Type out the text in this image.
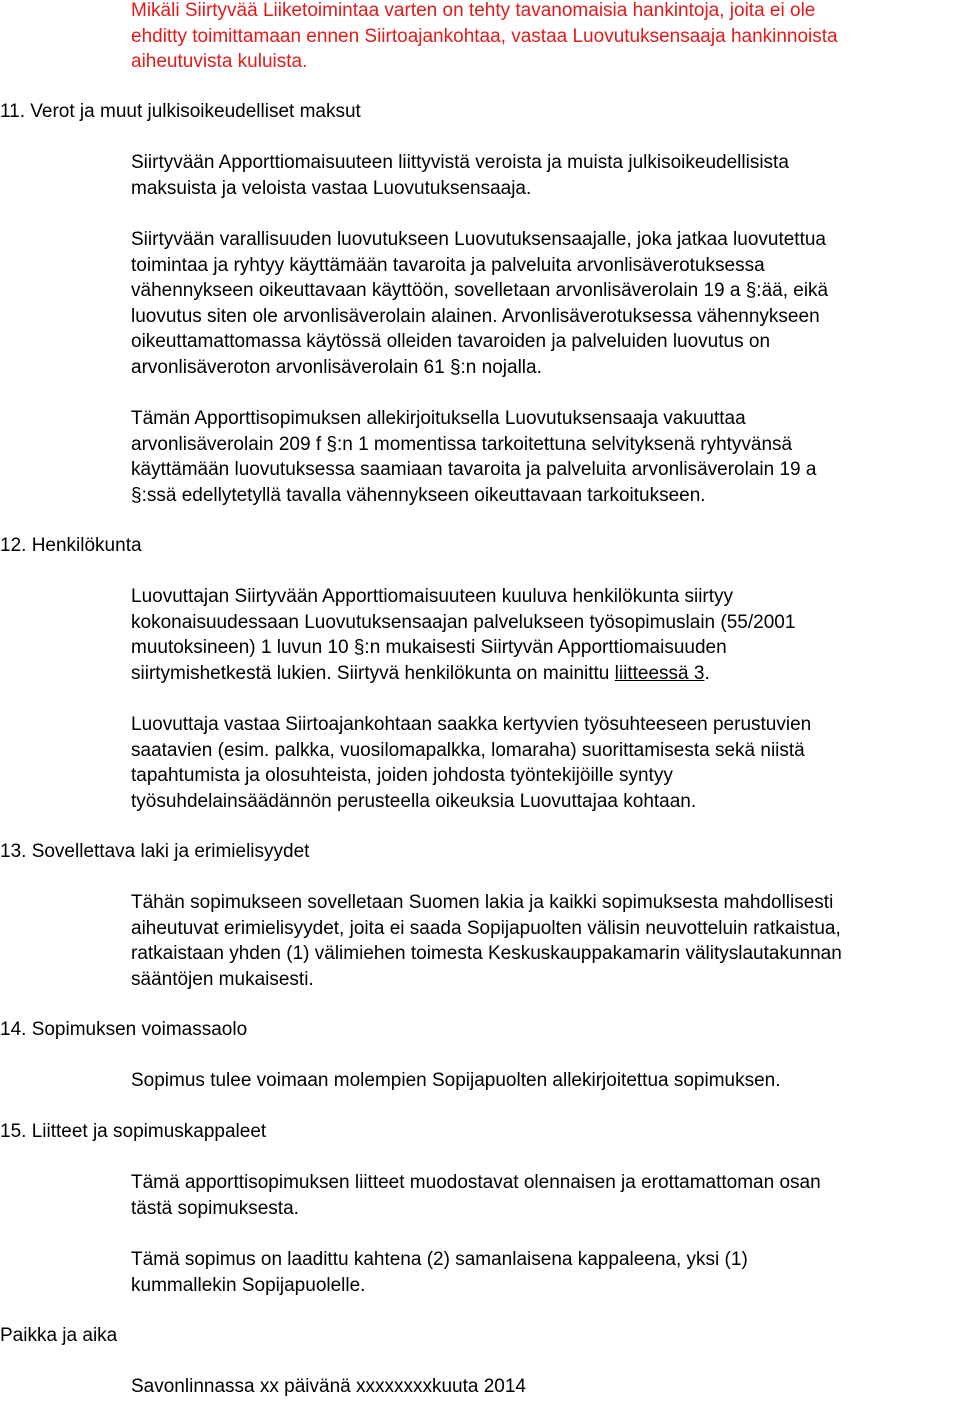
Mikäli Siirtyvää Liiketoimintaa varten on tehty tavanomaisia hankintoja, joita ei ole
ehditty toimittamaan ennen Siirtoajankohtaa, vastaa Luovutuksensaaja hankinnoista
aiheutuvista kuluista.
11. Verot ja muut julkisoikeudelliset maksut
Siirtyvään Apporttiomaisuuteen liittyvistä veroista ja muista julkisoikeudellisista
maksuista ja veloista vastaa Luovutuksensaaja.
Siirtyvään varallisuuden luovutukseen Luovutuksensaajalle, joka jatkaa luovutettua
toimintaa ja ryhtyy käyttämään tavaroita ja palveluita arvonlisäverotuksessa
vähennykseen oikeuttavaan käyttöön, sovelletaan arvonlisäverolain 19 a §:ää, eikä
luovutus siten ole arvonlisäverolain alainen. Arvonlisäverotuksessa vähennykseen
oikeuttamattomassa käytössä olleiden tavaroiden ja palveluiden luovutus on
arvonlisäveroton arvonlisäverolain 61 §:n nojalla.
Tämän Apporttisopimuksen allekirjoituksella Luovutuksensaaja vakuuttaa
arvonlisäverolain 209 f §:n 1 momentissa tarkoitettuna selvityksenä ryhtyvänsä
käyttämään luovutuksessa saamiaan tavaroita ja palveluita arvonlisäverolain 19 a
§:ssä edellytetyllä tavalla vähennykseen oikeuttavaan tarkoitukseen.
12. Henkilökunta
Luovuttajan Siirtyvään Apporttiomaisuuteen kuuluva henkilökunta siirtyy
kokonaisuudessaan Luovutuksensaajan palvelukseen työsopimuslain (55/2001
muutoksineen) 1 luvun 10 §:n mukaisesti Siirtyvän Apporttiomaisuuden
siirtymishetkestä lukien. Siirtyvä henkilökunta on mainittu liitteessä 3.
Luovuttaja vastaa Siirtoajankohtaan saakka kertyvien työsuhteeseen perustuvien
saatavien (esim. palkka, vuosilomapalkka, lomaraha) suorittamisesta sekä niistä
tapahtumista ja olosuhteista, joiden johdosta työntekijöille syntyy
työsuhdelainsäädännön perusteella oikeuksia Luovuttajaa kohtaan.
13. Sovellettava laki ja erimielisyydet
Tähän sopimukseen sovelletaan Suomen lakia ja kaikki sopimuksesta mahdollisesti
aiheutuvat erimielisyydet, joita ei saada Sopijapuolten välisin neuvotteluin ratkaistua,
ratkaistaan yhden (1) välimiehen toimesta Keskuskauppakamarin välityslautakunnan
sääntöjen mukaisesti.
14. Sopimuksen voimassaolo
Sopimus tulee voimaan molempien Sopijapuolten allekirjoitettua sopimuksen.
15. Liitteet ja sopimuskappaleet
Tämä apporttisopimuksen liitteet muodostavat olennaisen ja erottamattoman osan
tästä sopimuksesta.
Tämä sopimus on laadittu kahtena (2) samanlaisena kappaleena, yksi (1)
kummallekin Sopijapuolelle.
Paikka ja aika
Savonlinnassa xx päivänä xxxxxxxxkuuta 2014
